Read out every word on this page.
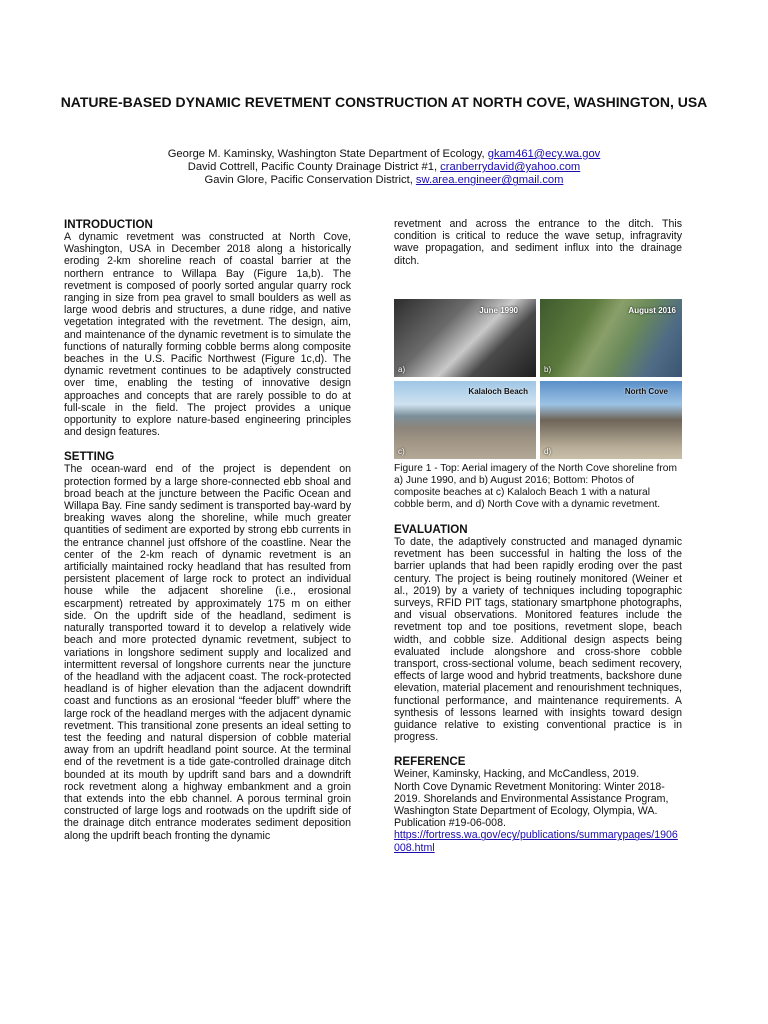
NATURE-BASED DYNAMIC REVETMENT CONSTRUCTION AT NORTH COVE, WASHINGTON, USA
George M. Kaminsky, Washington State Department of Ecology, gkam461@ecy.wa.gov
David Cottrell, Pacific County Drainage District #1, cranberrydavid@yahoo.com
Gavin Glore, Pacific Conservation District, sw.area.engineer@gmail.com
INTRODUCTION

A dynamic revetment was constructed at North Cove, Washington, USA in December 2018 along a historically eroding 2-km shoreline reach of coastal barrier at the northern entrance to Willapa Bay (Figure 1a,b). The revetment is composed of poorly sorted angular quarry rock ranging in size from pea gravel to small boulders as well as large wood debris and structures, a dune ridge, and native vegetation integrated with the revetment. The design, aim, and maintenance of the dynamic revetment is to simulate the functions of naturally forming cobble berms along composite beaches in the U.S. Pacific Northwest (Figure 1c,d). The dynamic revetment continues to be adaptively constructed over time, enabling the testing of innovative design approaches and concepts that are rarely possible to do at full-scale in the field. The project provides a unique opportunity to explore nature-based engineering principles and design features.

SETTING

The ocean-ward end of the project is dependent on protection formed by a large shore-connected ebb shoal and broad beach at the juncture between the Pacific Ocean and Willapa Bay. Fine sandy sediment is transported bay-ward by breaking waves along the shoreline, while much greater quantities of sediment are exported by strong ebb currents in the entrance channel just offshore of the coastline. Near the center of the 2-km reach of dynamic revetment is an artificially maintained rocky headland that has resulted from persistent placement of large rock to protect an individual house while the adjacent shoreline (i.e., erosional escarpment) retreated by approximately 175 m on either side. On the updrift side of the headland, sediment is naturally transported toward it to develop a relatively wide beach and more protected dynamic revetment, subject to variations in longshore sediment supply and localized and intermittent reversal of longshore currents near the juncture of the headland with the adjacent coast. The rock-protected headland is of higher elevation than the adjacent downdrift coast and functions as an erosional “feeder bluff” where the large rock of the headland merges with the adjacent dynamic revetment. This transitional zone presents an ideal setting to test the feeding and natural dispersion of cobble material away from an updrift headland point source. At the terminal end of the revetment is a tide gate-controlled drainage ditch bounded at its mouth by updrift sand bars and a downdrift rock revetment along a highway embankment and a groin that extends into the ebb channel. A porous terminal groin constructed of large logs and rootwads on the updrift side of the drainage ditch entrance moderates sediment deposition along the updrift beach fronting the dynamic

revetment and across the entrance to the ditch. This condition is critical to reduce the wave setup, infragravity wave propagation, and sediment influx into the drainage ditch.

June 1990
a)
August 2016
b)
Kalaloch Beach
c)
North Cove
d)

Figure 1 - Top: Aerial imagery of the North Cove shoreline from a) June 1990, and b) August 2016; Bottom: Photos of composite beaches at c) Kalaloch Beach 1 with a natural cobble berm, and d) North Cove with a dynamic revetment.

EVALUATION

To date, the adaptively constructed and managed dynamic revetment has been successful in halting the loss of the barrier uplands that had been rapidly eroding over the past century. The project is being routinely monitored (Weiner et al., 2019) by a variety of techniques including topographic surveys, RFID PIT tags, stationary smartphone photographs, and visual observations. Monitored features include the revetment top and toe positions, revetment slope, beach width, and cobble size. Additional design aspects being evaluated include alongshore and cross-shore cobble transport, cross-sectional volume, beach sediment recovery, effects of large wood and hybrid treatments, backshore dune elevation, material placement and renourishment techniques, functional performance, and maintenance requirements. A synthesis of lessons learned with insights toward design guidance relative to existing conventional practice is in progress.

REFERENCE

Weiner, Kaminsky, Hacking, and McCandless, 2019.

North Cove Dynamic Revetment Monitoring: Winter 2018-2019. Shorelands and Environmental Assistance Program, Washington State Department of Ecology, Olympia, WA. Publication #19-06-008.

https://fortress.wa.gov/ecy/publications/summarypages/1906008.html
